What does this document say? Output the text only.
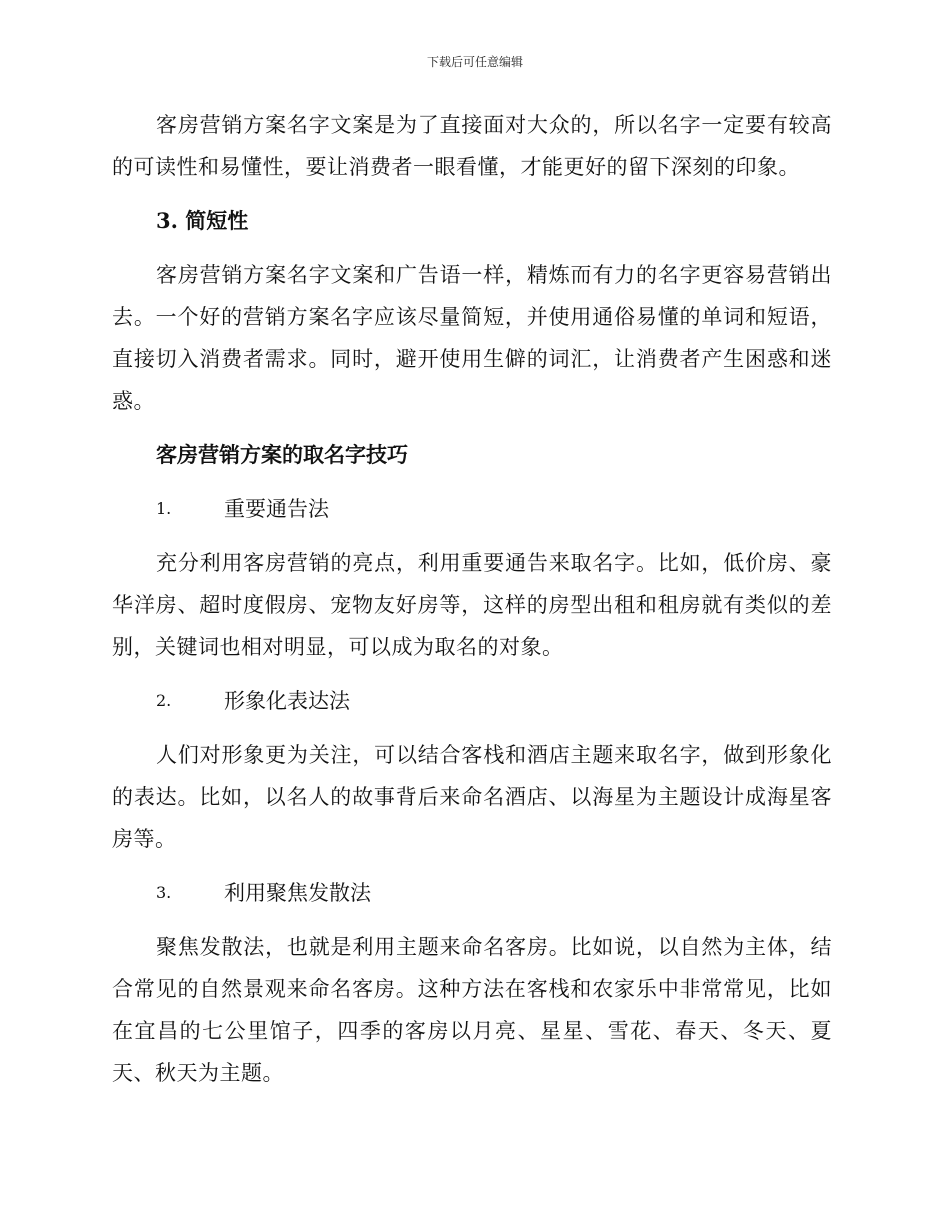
下载后可任意编辑

客房营销方案名字文案是为了直接面对大众的，所以名字一定要有较高的可读性和易懂性，要让消费者一眼看懂，才能更好的留下深刻的印象。

3. 简短性

客房营销方案名字文案和广告语一样，精炼而有力的名字更容易营销出去。一个好的营销方案名字应该尽量简短，并使用通俗易懂的单词和短语，直接切入消费者需求。同时，避开使用生僻的词汇，让消费者产生困惑和迷惑。

客房营销方案的取名字技巧
1.	重要通告法

充分利用客房营销的亮点，利用重要通告来取名字。比如，低价房、豪华洋房、超时度假房、宠物友好房等，这样的房型出租和租房就有类似的差别，关键词也相对明显，可以成为取名的对象。

2.	形象化表达法

人们对形象更为关注，可以结合客栈和酒店主题来取名字，做到形象化的表达。比如，以名人的故事背后来命名酒店、以海星为主题设计成海星客房等。

3.	利用聚焦发散法

聚焦发散法，也就是利用主题来命名客房。比如说，以自然为主体，结合常见的自然景观来命名客房。这种方法在客栈和农家乐中非常常见，比如在宜昌的七公里馆子，四季的客房以月亮、星星、雪花、春天、冬天、夏天、秋天为主题。
